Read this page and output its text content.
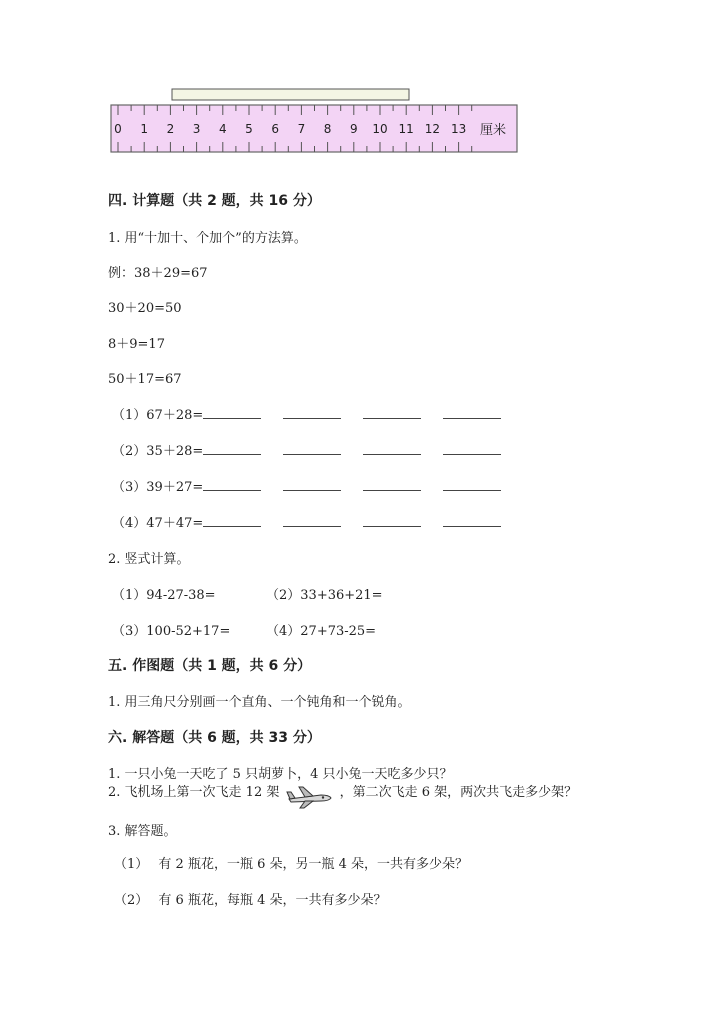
0 1 2 3 4 5 6 7 8 9 10 11 12 13 厘米
四. 计算题（共 2 题，共 16 分）
1. 用“十加十、个加个”的方法算。
例：38＋29=67
30＋20=50
8＋9=17
50＋17=67
（1）67＋28=
（2）35＋28=
（3）39＋27=
（4）47＋47=
2. 竖式计算。
（1）94-27-38=	（2）33+36+21=
（3）100-52+17=	（4）27+73-25=
五. 作图题（共 1 题，共 6 分）
1. 用三角尺分别画一个直角、一个钝角和一个锐角。
六. 解答题（共 6 题，共 33 分）
1. 一只小兔一天吃了 5 只胡萝卜，4 只小兔一天吃多少只？
2. 飞机场上第一次飞走 12 架	，第二次飞走 6 架，两次共飞走多少架？
3. 解答题。
（1） 有 2 瓶花，一瓶 6 朵，另一瓶 4 朵，一共有多少朵？
（2） 有 6 瓶花，每瓶 4 朵，一共有多少朵？
